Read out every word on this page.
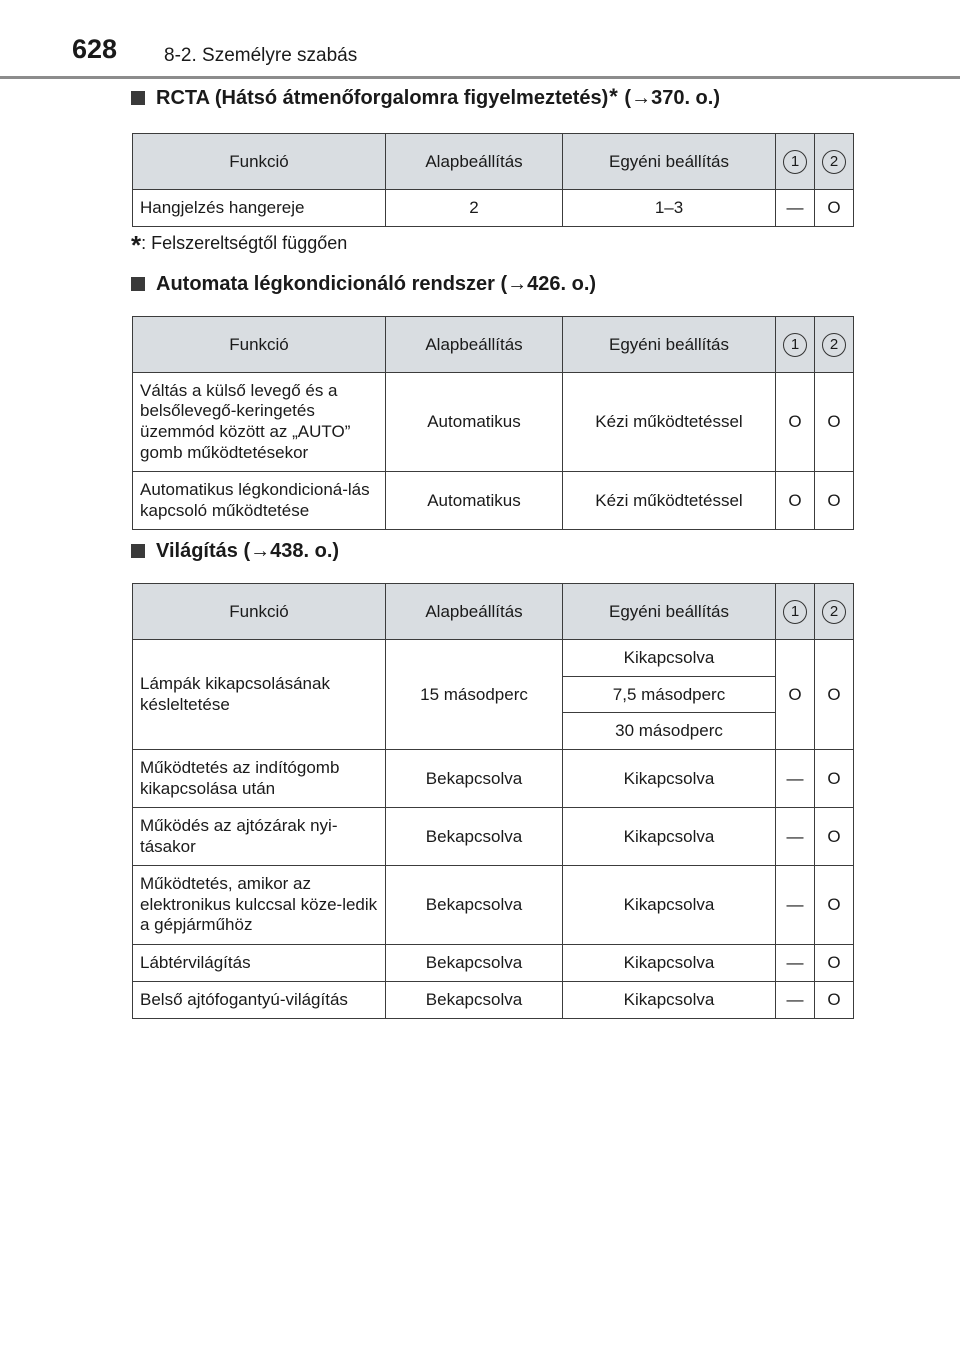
628 8-2. Személyre szabás
RCTA (Hátsó átmenőforgalomra figyelmeztetés) * ( → 370. o.)
Funkció	Alapbeállítás	Egyéni beállítás	1	2
Hangjelzés hangereje	2	1–3	—	O
*: Felszereltségtől függően
Automata légkondicionáló rendszer ( → 426. o.)
Funkció	Alapbeállítás	Egyéni beállítás	1	2
Váltás a külső levegő és a belsőlevegő-keringetés üzemmód között az „AUTO” gomb működtetésekor	Automatikus	Kézi működtetéssel	O	O
Automatikus légkondicioná-lás kapcsoló működtetése	Automatikus	Kézi működtetéssel	O	O
Világítás ( → 438. o.)
Funkció	Alapbeállítás	Egyéni beállítás	1	2
Lámpák kikapcsolásának késleltetése	15 másodperc	Kikapcsolva	O	O
		7,5 másodperc		
		30 másodperc		
Működtetés az indítógomb kikapcsolása után	Bekapcsolva	Kikapcsolva	—	O
Működés az ajtózárak nyi-tásakor	Bekapcsolva	Kikapcsolva	—	O
Működtetés, amikor az elektronikus kulccsal köze-ledik a gépjárműhöz	Bekapcsolva	Kikapcsolva	—	O
Lábtérvilágítás	Bekapcsolva	Kikapcsolva	—	O
Belső ajtófogantyú-világítás	Bekapcsolva	Kikapcsolva	—	O
